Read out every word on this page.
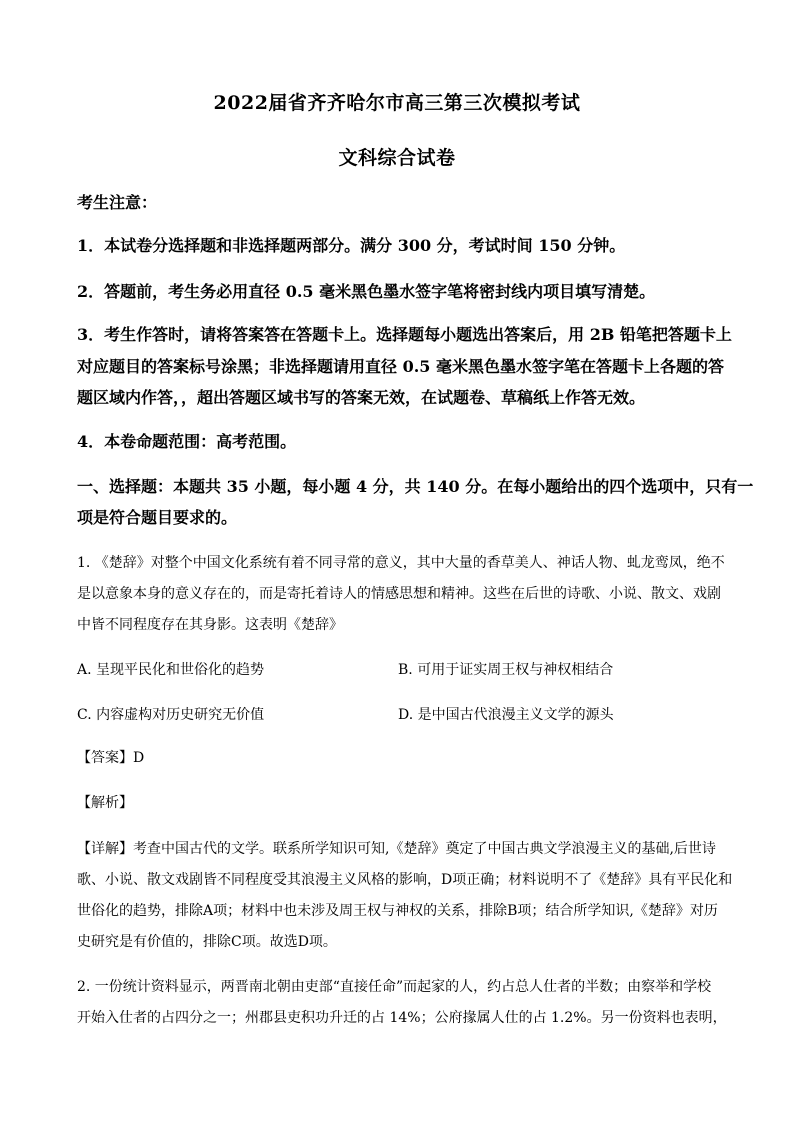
2022届省齐齐哈尔市高三第三次模拟考试
文科综合试卷
考生注意：
1．本试卷分选择题和非选择题两部分。满分 300 分，考试时间 150 分钟。
2．答题前，考生务必用直径 0.5 毫米黑色墨水签字笔将密封线内项目填写清楚。
3．考生作答时，请将答案答在答题卡上。选择题每小题选出答案后，用 2B 铅笔把答题卡上
对应题目的答案标号涂黑；非选择题请用直径 0.5 毫米黑色墨水签字笔在答题卡上各题的答
题区域内作答，，超出答题区域书写的答案无效，在试题卷、草稿纸上作答无效。
4．本卷命题范围：高考范围。
一、选择题：本题共 35 小题，每小题 4 分，共 140 分。在每小题给出的四个选项中，只有一
项是符合题目要求的。
1. 《楚辞》对整个中国文化系统有着不同寻常的意义，其中大量的香草美人、神话人物、虬龙鸾凤，绝不
是以意象本身的意义存在的，而是寄托着诗人的情感思想和精神。这些在后世的诗歌、小说、散文、戏剧
中皆不同程度存在其身影。这表明《楚辞》
A. 呈现平民化和世俗化的趋势	B. 可用于证实周王权与神权相结合
C. 内容虚构对历史研究无价值	D. 是中国古代浪漫主义文学的源头
【答案】D
【解析】
【详解】考查中国古代的文学。联系所学知识可知,《楚辞》奠定了中国古典文学浪漫主义的基础,后世诗
歌、小说、散文戏剧皆不同程度受其浪漫主义风格的影响，D项正确；材料说明不了《楚辞》具有平民化和
世俗化的趋势，排除A项；材料中也未涉及周王权与神权的关系，排除B项；结合所学知识,《楚辞》对历
史研究是有价值的，排除C项。故选D项。
2. 一份统计资料显示，两晋南北朝由吏部“直接任命”而起家的人，约占总人仕者的半数；由察举和学校
开始入仕者的占四分之一；州郡县吏积功升迁的占 14%；公府掾属人仕的占 1.2%。另一份资料也表明，
